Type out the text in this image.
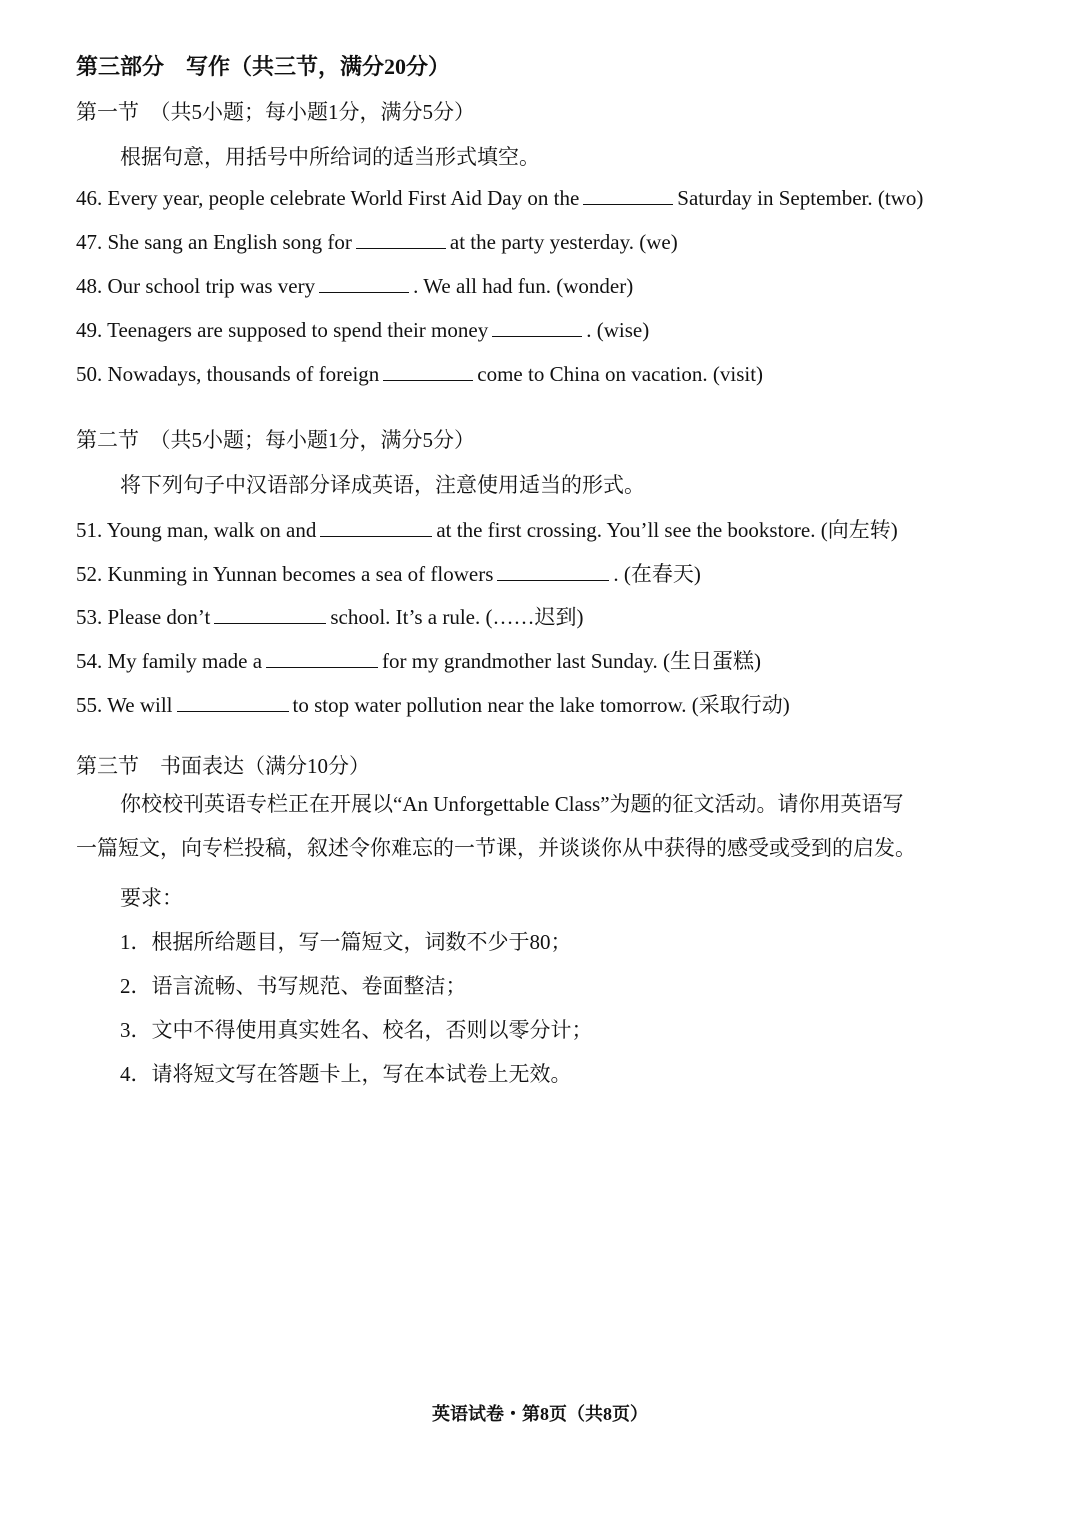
第三部分　写作（共三节，满分20分）
第一节　（共5小题；每小题1分，满分5分）
根据句意，用括号中所给词的适当形式填空。
46. Every year, people celebrate World First Aid Day on the	Saturday in September. (two)
47. She sang an English song for	at the party yesterday. (we)
48. Our school trip was very	. We all had fun. (wonder)
49. Teenagers are supposed to spend their money	. (wise)
50. Nowadays, thousands of foreign	come to China on vacation. (visit)
第二节　（共5小题；每小题1分，满分5分）
将下列句子中汉语部分译成英语，注意使用适当的形式。
51. Young man, walk on and	at the first crossing. You’ll see the bookstore. (向左转)
52. Kunming in Yunnan becomes a sea of flowers	. (在春天)
53. Please don’t	school. It’s a rule. (……迟到)
54. My family made a	for my grandmother last Sunday. (生日蛋糕)
55. We will	to stop water pollution near the lake tomorrow. (采取行动)
第三节　书面表达（满分10分）
你校校刊英语专栏正在开展以“An Unforgettable Class”为题的征文活动。请你用英语写
一篇短文，向专栏投稿，叙述令你难忘的一节课，并谈谈你从中获得的感受或受到的启发。
要求：
1．根据所给题目，写一篇短文，词数不少于80；
2．语言流畅、书写规范、卷面整洁；
3．文中不得使用真实姓名、校名，否则以零分计；
4．请将短文写在答题卡上，写在本试卷上无效。
英语试卷・第8页（共8页）
